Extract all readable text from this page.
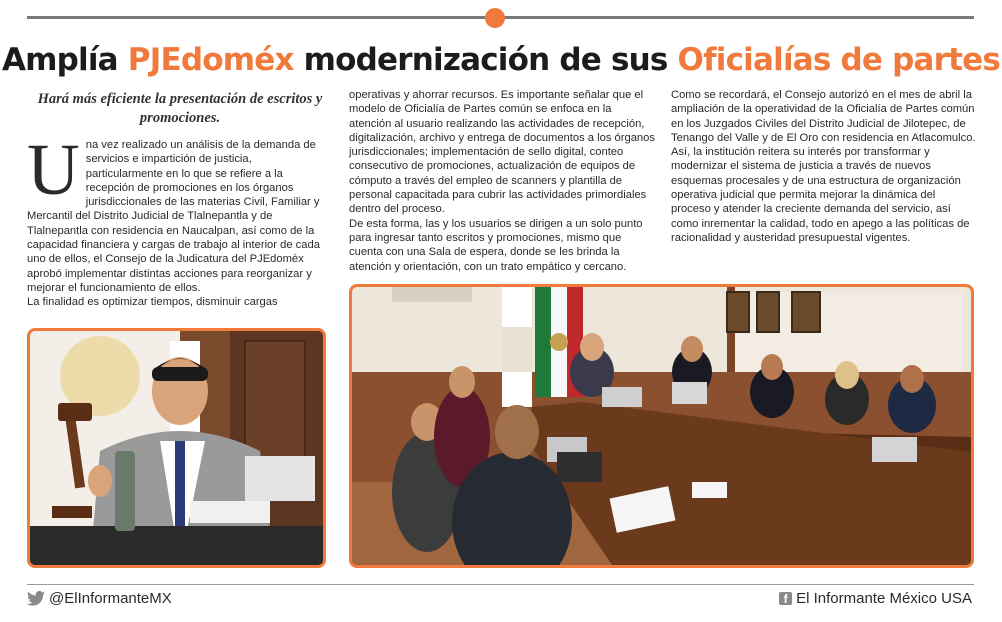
Amplía PJEdoméx modernización de sus Oficialías de partes
Hará más eficiente la presentación de escritos y promociones.
U na vez realizado un análisis de la demanda de servicios e impartición de justicia, particularmente en lo que se refiere a la recepción de promociones en los órganos jurisdiccionales de las materias Civil, Familiar y Mercantil del Distrito Judicial de Tlalnepantla y de Tlalnepantla con residencia en Naucalpan, así como de la capacidad financiera y cargas de trabajo al interior de cada uno de ellos, el Consejo de la Judicatura del PJEdoméx aprobó implementar distintas acciones para reorganizar y mejorar el funcionamiento de ellos.

La finalidad es optimizar tiempos, disminuir cargas

operativas y ahorrar recursos. Es importante señalar que el modelo de Oficialía de Partes común se enfoca en la atención al usuario realizando las actividades de recepción, digitalización, archivo y entrega de documentos a los órganos jurisdiccionales; implementación de sello digital, conteo consecutivo de promociones, actualización de equipos de cómputo a través del empleo de scanners y plantilla de personal capacitada para cubrir las actividades primordiales dentro del proceso.

De esta forma, las y los usuarios se dirigen a un solo punto para ingresar tanto escritos y promociones, mismo que cuenta con una Sala de espera, donde se les brinda la atención y orientación, con un trato empático y cercano.

Como se recordará, el Consejo autorizó en el mes de abril la ampliación de la operatividad de la Oficialía de Partes común en los Juzgados Civiles del Distrito Judicial de Jilotepec, de Tenango del Valle y de El Oro con residencia en Atlacomulco.

Así, la institución reitera su interés por transformar y modernizar el sistema de justicia a través de nuevos esquemas procesales y de una estructura de organización operativa judicial que permita mejorar la dinámica del proceso y atender la creciente demanda del servicio, así como inrementar la calidad, todo en apego a las políticas de racionalidad y austeridad presupuestal vigentes.

@ElInformanteMX	f El Informante México USA
